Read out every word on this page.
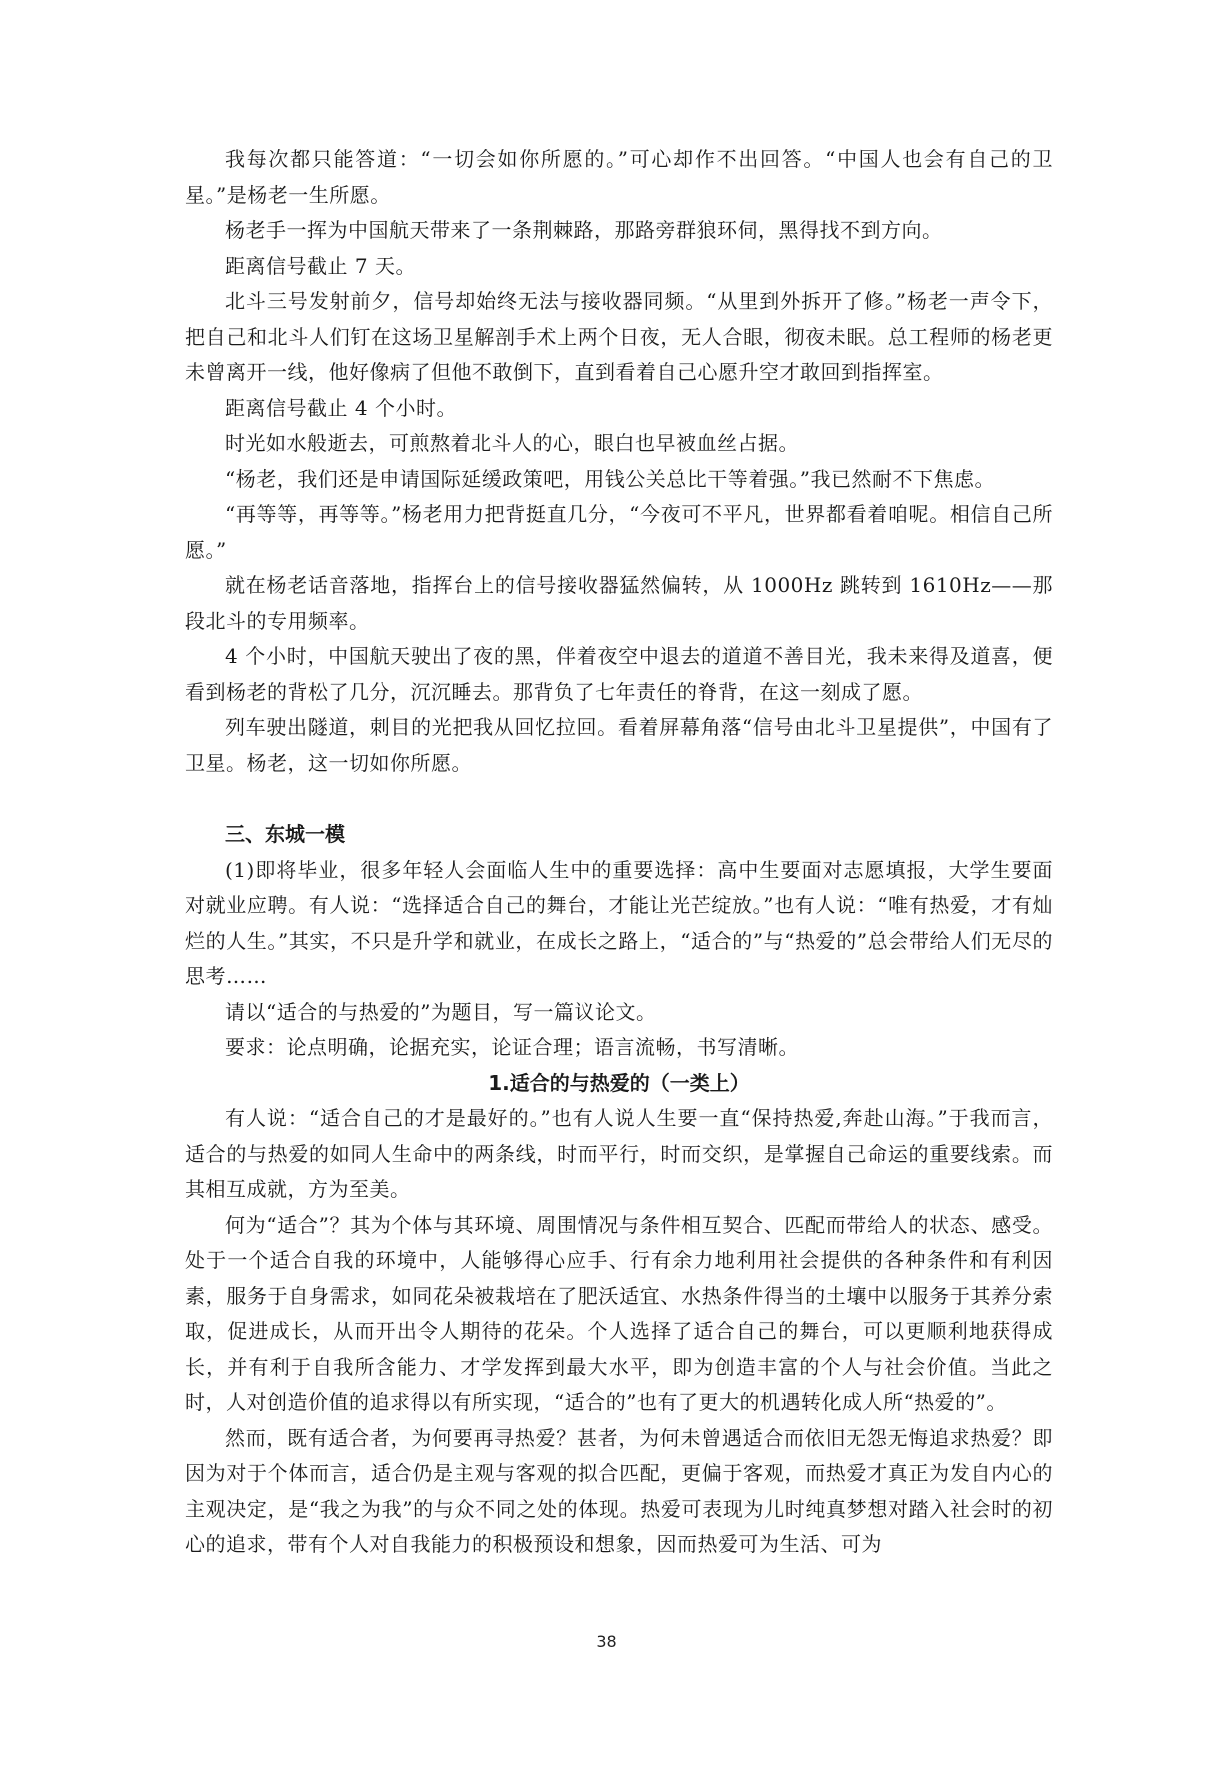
我每次都只能答道：“一切会如你所愿的。”可心却作不出回答。“中国人也会有自己的卫星。”是杨老一生所愿。

杨老手一挥为中国航天带来了一条荆棘路，那路旁群狼环伺，黑得找不到方向。

距离信号截止 7 天。

北斗三号发射前夕，信号却始终无法与接收器同频。“从里到外拆开了修。”杨老一声令下，把自己和北斗人们钉在这场卫星解剖手术上两个日夜，无人合眼，彻夜未眠。总工程师的杨老更未曾离开一线，他好像病了但他不敢倒下，直到看着自己心愿升空才敢回到指挥室。

距离信号截止 4 个小时。

时光如水般逝去，可煎熬着北斗人的心，眼白也早被血丝占据。

“杨老，我们还是申请国际延缓政策吧，用钱公关总比干等着强。”我已然耐不下焦虑。

“再等等，再等等。”杨老用力把背挺直几分，“今夜可不平凡，世界都看着咱呢。相信自己所愿。”

就在杨老话音落地，指挥台上的信号接收器猛然偏转，从 1000Hz 跳转到 1610Hz——那段北斗的专用频率。

4 个小时，中国航天驶出了夜的黑，伴着夜空中退去的道道不善目光，我未来得及道喜，便看到杨老的背松了几分，沉沉睡去。那背负了七年责任的脊背，在这一刻成了愿。

列车驶出隧道，刺目的光把我从回忆拉回。看着屏幕角落“信号由北斗卫星提供”，中国有了卫星。杨老，这一切如你所愿。

三、东城一模

(1)即将毕业，很多年轻人会面临人生中的重要选择：高中生要面对志愿填报，大学生要面对就业应聘。有人说：“选择适合自己的舞台，才能让光芒绽放。”也有人说：“唯有热爱，才有灿烂的人生。”其实，不只是升学和就业，在成长之路上，“适合的”与“热爱的”总会带给人们无尽的思考……

请以“适合的与热爱的”为题目，写一篇议论文。

要求：论点明确，论据充实，论证合理；语言流畅，书写清晰。

1.适合的与热爱的（一类上）

有人说：“适合自己的才是最好的。”也有人说人生要一直“保持热爱,奔赴山海。”于我而言，适合的与热爱的如同人生命中的两条线，时而平行，时而交织，是掌握自己命运的重要线索。而其相互成就，方为至美。

何为“适合”？其为个体与其环境、周围情况与条件相互契合、匹配而带给人的状态、感受。处于一个适合自我的环境中，人能够得心应手、行有余力地利用社会提供的各种条件和有利因素，服务于自身需求，如同花朵被栽培在了肥沃适宜、水热条件得当的土壤中以服务于其养分索取，促进成长，从而开出令人期待的花朵。个人选择了适合自己的舞台，可以更顺利地获得成长，并有利于自我所含能力、才学发挥到最大水平，即为创造丰富的个人与社会价值。当此之时，人对创造价值的追求得以有所实现，“适合的”也有了更大的机遇转化成人所“热爱的”。

然而，既有适合者，为何要再寻热爱？甚者，为何未曾遇适合而依旧无怨无悔追求热爱？即因为对于个体而言，适合仍是主观与客观的拟合匹配，更偏于客观，而热爱才真正为发自内心的主观决定，是“我之为我”的与众不同之处的体现。热爱可表现为儿时纯真梦想对踏入社会时的初心的追求，带有个人对自我能力的积极预设和想象，因而热爱可为生活、可为

38
